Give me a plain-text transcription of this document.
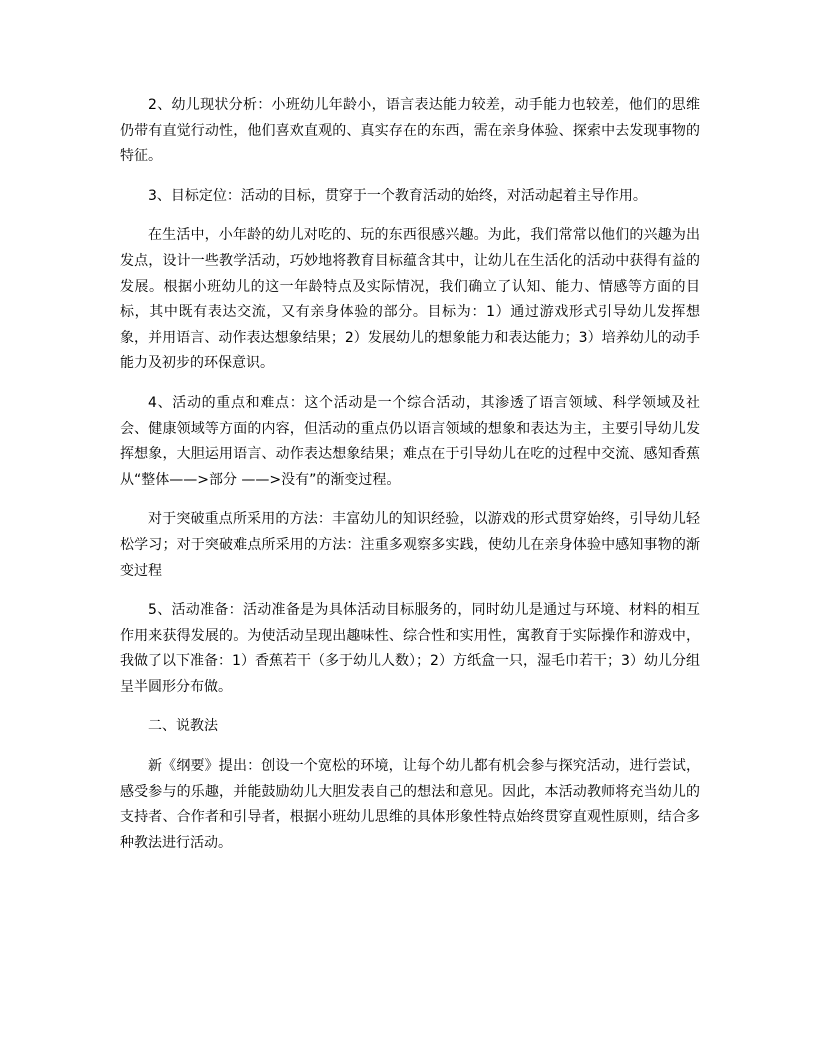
2、幼儿现状分析：小班幼儿年龄小，语言表达能力较差，动手能力也较差，他们的思维仍带有直觉行动性，他们喜欢直观的、真实存在的东西，需在亲身体验、探索中去发现事物的特征。

3、目标定位：活动的目标，贯穿于一个教育活动的始终，对活动起着主导作用。

在生活中，小年龄的幼儿对吃的、玩的东西很感兴趣。为此，我们常常以他们的兴趣为出发点，设计一些教学活动，巧妙地将教育目标蕴含其中，让幼儿在生活化的活动中获得有益的发展。根据小班幼儿的这一年龄特点及实际情况，我们确立了认知、能力、情感等方面的目标，其中既有表达交流，又有亲身体验的部分。目标为：1）通过游戏形式引导幼儿发挥想象，并用语言、动作表达想象结果；2）发展幼儿的想象能力和表达能力；3）培养幼儿的动手能力及初步的环保意识。

4、活动的重点和难点：这个活动是一个综合活动，其渗透了语言领域、科学领域及社会、健康领域等方面的内容，但活动的重点仍以语言领域的想象和表达为主，主要引导幼儿发挥想象，大胆运用语言、动作表达想象结果；难点在于引导幼儿在吃的过程中交流、感知香蕉从“整体——>部分 ——>没有”的渐变过程。

对于突破重点所采用的方法：丰富幼儿的知识经验，以游戏的形式贯穿始终，引导幼儿轻松学习；对于突破难点所采用的方法：注重多观察多实践，使幼儿在亲身体验中感知事物的渐变过程

5、活动准备：活动准备是为具体活动目标服务的，同时幼儿是通过与环境、材料的相互作用来获得发展的。为使活动呈现出趣味性、综合性和实用性，寓教育于实际操作和游戏中，我做了以下准备：1）香蕉若干（多于幼儿人数）；2）方纸盒一只，湿毛巾若干；3）幼儿分组呈半圆形分布做。

二、说教法

新《纲要》提出：创设一个宽松的环境，让每个幼儿都有机会参与探究活动，进行尝试，感受参与的乐趣，并能鼓励幼儿大胆发表自己的想法和意见。因此，本活动教师将充当幼儿的支持者、合作者和引导者，根据小班幼儿思维的具体形象性特点始终贯穿直观性原则，结合多种教法进行活动。
